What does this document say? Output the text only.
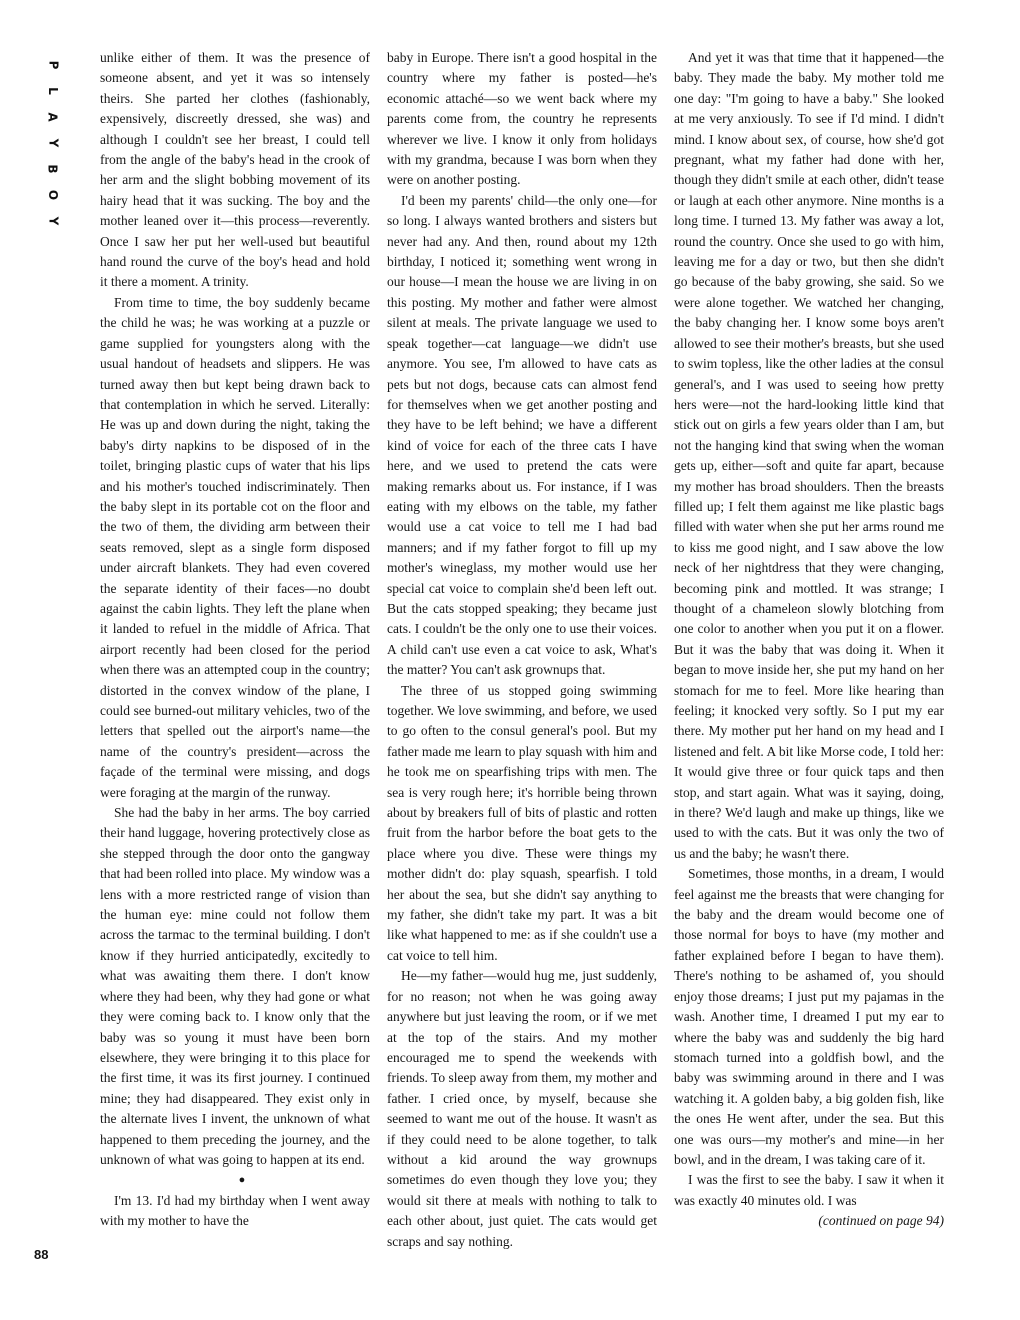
P
L
A
Y
B
O
Y
88

unlike either of them. It was the presence of someone absent, and yet it was so intensely theirs. She parted her clothes (fashionably, expensively, discreetly dressed, she was) and although I couldn't see her breast, I could tell from the angle of the baby's head in the crook of her arm and the slight bobbing movement of its hairy head that it was sucking. The boy and the mother leaned over it—this process—reverently. Once I saw her put her well-used but beautiful hand round the curve of the boy's head and hold it there a moment. A trinity.

From time to time, the boy suddenly became the child he was; he was working at a puzzle or game supplied for youngsters along with the usual handout of headsets and slippers. He was turned away then but kept being drawn back to that contemplation in which he served. Literally: He was up and down during the night, taking the baby's dirty napkins to be disposed of in the toilet, bringing plastic cups of water that his lips and his mother's touched indiscriminately. Then the baby slept in its portable cot on the floor and the two of them, the dividing arm between their seats removed, slept as a single form disposed under aircraft blankets. They had even covered the separate identity of their faces—no doubt against the cabin lights. They left the plane when it landed to refuel in the middle of Africa. That airport recently had been closed for the period when there was an attempted coup in the country; distorted in the convex window of the plane, I could see burned-out military vehicles, two of the letters that spelled out the airport's name—the name of the country's president—across the façade of the terminal were missing, and dogs were foraging at the margin of the runway.

She had the baby in her arms. The boy carried their hand luggage, hovering protectively close as she stepped through the door onto the gangway that had been rolled into place. My window was a lens with a more restricted range of vision than the human eye: mine could not follow them across the tarmac to the terminal building. I don't know if they hurried anticipatedly, excitedly to what was awaiting them there. I don't know where they had been, why they had gone or what they were coming back to. I know only that the baby was so young it must have been born elsewhere, they were bringing it to this place for the first time, it was its first journey. I continued mine; they had disappeared. They exist only in the alternate lives I invent, the unknown of what happened to them preceding the journey, and the unknown of what was going to happen at its end.

●

I'm 13. I'd had my birthday when I went away with my mother to have the

baby in Europe. There isn't a good hospital in the country where my father is posted—he's economic attaché—so we went back where my parents come from, the country he represents wherever we live. I know it only from holidays with my grandma, because I was born when they were on another posting.

I'd been my parents' child—the only one—for so long. I always wanted brothers and sisters but never had any. And then, round about my 12th birthday, I noticed it; something went wrong in our house—I mean the house we are living in on this posting. My mother and father were almost silent at meals. The private language we used to speak together—cat language—we didn't use anymore. You see, I'm allowed to have cats as pets but not dogs, because cats can almost fend for themselves when we get another posting and they have to be left behind; we have a different kind of voice for each of the three cats I have here, and we used to pretend the cats were making remarks about us. For instance, if I was eating with my elbows on the table, my father would use a cat voice to tell me I had bad manners; and if my father forgot to fill up my mother's wineglass, my mother would use her special cat voice to complain she'd been left out. But the cats stopped speaking; they became just cats. I couldn't be the only one to use their voices. A child can't use even a cat voice to ask, What's the matter? You can't ask grownups that.

The three of us stopped going swimming together. We love swimming, and before, we used to go often to the consul general's pool. But my father made me learn to play squash with him and he took me on spearfishing trips with men. The sea is very rough here; it's horrible being thrown about by breakers full of bits of plastic and rotten fruit from the harbor before the boat gets to the place where you dive. These were things my mother didn't do: play squash, spearfish. I told her about the sea, but she didn't say anything to my father, she didn't take my part. It was a bit like what happened to me: as if she couldn't use a cat voice to tell him.

He—my father—would hug me, just suddenly, for no reason; not when he was going away anywhere but just leaving the room, or if we met at the top of the stairs. And my mother encouraged me to spend the weekends with friends. To sleep away from them, my mother and father. I cried once, by myself, because she seemed to want me out of the house. It wasn't as if they could need to be alone together, to talk without a kid around the way grownups sometimes do even though they love you; they would sit there at meals with nothing to talk to each other about, just quiet. The cats would get scraps and say nothing.

And yet it was that time that it happened—the baby. They made the baby. My mother told me one day: "I'm going to have a baby." She looked at me very anxiously. To see if I'd mind. I didn't mind. I know about sex, of course, how she'd got pregnant, what my father had done with her, though they didn't smile at each other, didn't tease or laugh at each other anymore. Nine months is a long time. I turned 13. My father was away a lot, round the country. Once she used to go with him, leaving me for a day or two, but then she didn't go because of the baby growing, she said. So we were alone together. We watched her changing, the baby changing her. I know some boys aren't allowed to see their mother's breasts, but she used to swim topless, like the other ladies at the consul general's, and I was used to seeing how pretty hers were—not the hard-looking little kind that stick out on girls a few years older than I am, but not the hanging kind that swing when the woman gets up, either—soft and quite far apart, because my mother has broad shoulders. Then the breasts filled up; I felt them against me like plastic bags filled with water when she put her arms round me to kiss me good night, and I saw above the low neck of her nightdress that they were changing, becoming pink and mottled. It was strange; I thought of a chameleon slowly blotching from one color to another when you put it on a flower. But it was the baby that was doing it. When it began to move inside her, she put my hand on her stomach for me to feel. More like hearing than feeling; it knocked very softly. So I put my ear there. My mother put her hand on my head and I listened and felt. A bit like Morse code, I told her: It would give three or four quick taps and then stop, and start again. What was it saying, doing, in there? We'd laugh and make up things, like we used to with the cats. But it was only the two of us and the baby; he wasn't there.

Sometimes, those months, in a dream, I would feel against me the breasts that were changing for the baby and the dream would become one of those normal for boys to have (my mother and father explained before I began to have them). There's nothing to be ashamed of, you should enjoy those dreams; I just put my pajamas in the wash. Another time, I dreamed I put my ear to where the baby was and suddenly the big hard stomach turned into a goldfish bowl, and the baby was swimming around in there and I was watching it. A golden baby, a big golden fish, like the ones He went after, under the sea. But this one was ours—my mother's and mine—in her bowl, and in the dream, I was taking care of it.

I was the first to see the baby. I saw it when it was exactly 40 minutes old. I was

(continued on page 94)
